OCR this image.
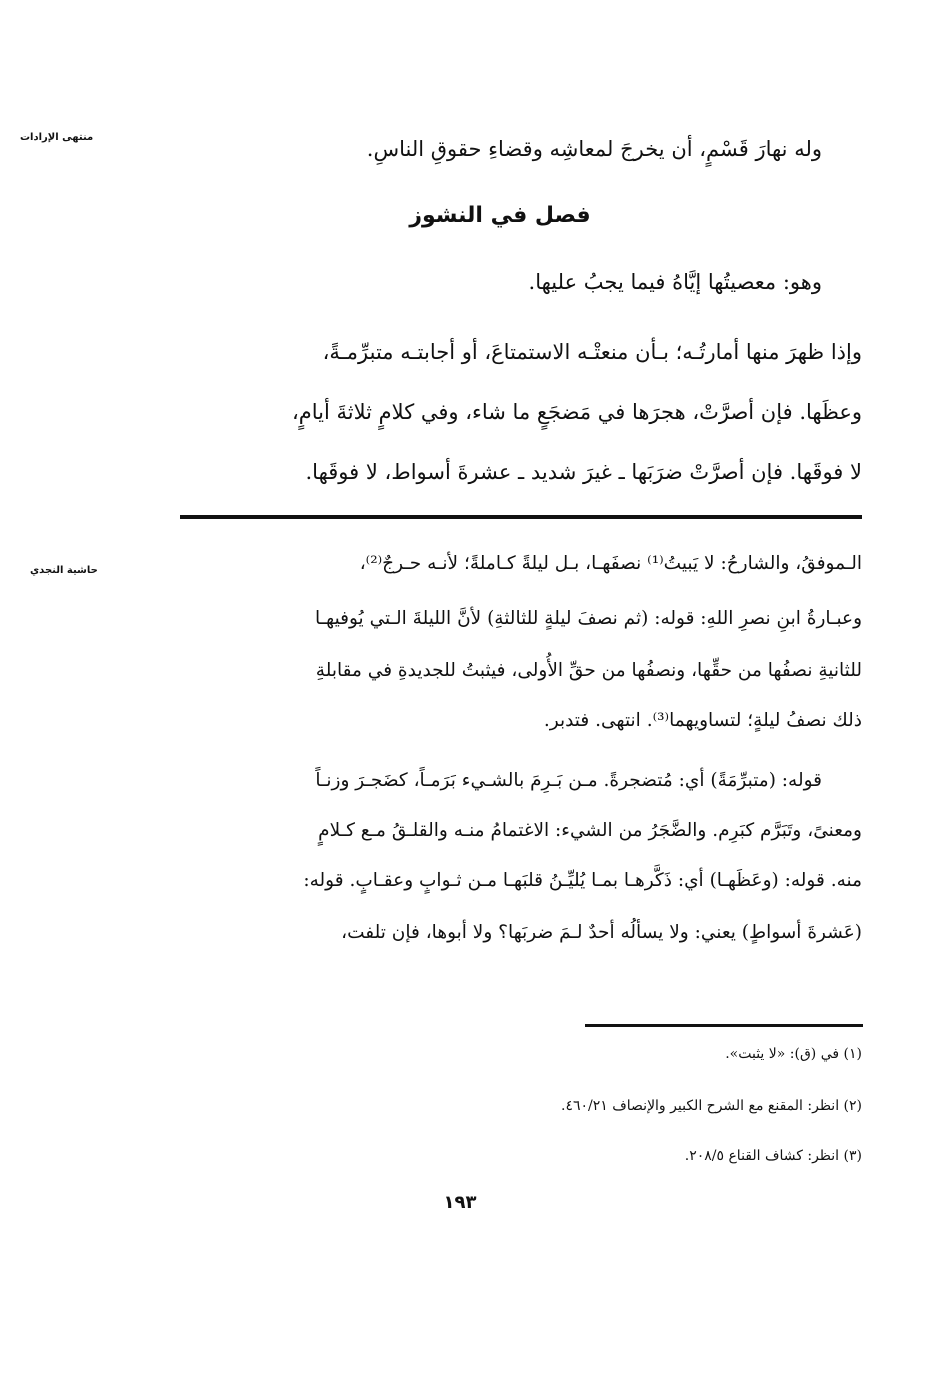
منتهى الإرادات	وله نهارَ قَسْمٍ، أن يخرجَ لمعاشِه وقضاءِ حقوقِ الناسِ.
فصل في النشوز
وهو: معصيتُها إيَّاهُ فيما يجبُ عليها.
وإذا ظهرَ منها أمارتُـه؛ بـأن منعتْـه الاستمتاعَ، أو أجابتـه متبرِّمـةً،
وعظَها. فإن أصرَّتْ، هجرَها في مَضجَعٍ ما شاء، وفي كلامٍ ثلاثةَ أيامٍ،
لا فوقَها. فإن أصرَّتْ ضرَبَها ـ غيرَ شديد ـ عشرةَ أسواط، لا فوقَها.
حاشية النجدي	الـموفقُ، والشارحُ: لا يَبيتُ⁽¹⁾ نصفَهـا، بـل ليلةً كـاملةً؛ لأنـه حـرجٌ⁽²⁾،
وعبـارةُ ابنِ نصرِ اللهِ: قوله: (ثم نصفَ ليلةٍ للثالثةِ) لأنَّ الليلةَ الـتي يُوفيهـا
للثانيةِ نصفُها من حقِّها، ونصفُها من حقِّ الأُولى، فيثبتُ للجديدةِ في مقابلةِ
ذلك نصفُ ليلةٍ؛ لتساويهما⁽³⁾. انتهى. فتدبر.
قوله: (متبرِّمَةً) أي: مُتضجرةً. مـن بَـرِمَ بالشـيء بَرَمـاً، كضَجـرَ وزنـاً
ومعنىً، وتَبَرَّم كبَرِم. والضَّجَرُ من الشيء: الاغتمامُ منـه والقلـقُ مـع كـلامٍ
منه. قوله: (وعَظَهـا) أي: ذَكَّرهـا بمـا يُليِّـنُ قلبَهـا مـن ثـوابٍ وعقـابٍ. قوله:
(عَشرةَ أسواطٍ) يعني: ولا يسألُه أحدٌ لـمَ ضربَها؟ ولا أبوها، فإن تلفت،
(١) في (ق): «لا يثبت».
(٢) انظر: المقنع مع الشرح الكبير والإنصاف ٤٦٠/٢١.
(٣) انظر: كشاف القناع ٢٠٨/٥.
١٩٣
